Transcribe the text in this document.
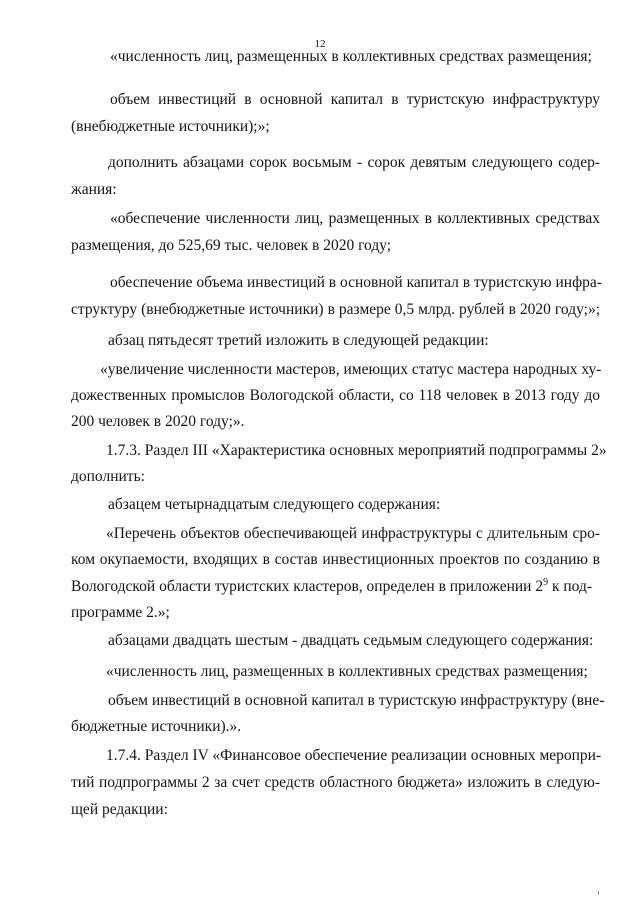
12
«численность лиц, размещенных в коллективных средствах размещения;
объем инвестиций в основной капитал в туристскую инфраструктуру
(внебюджетные источники);»;
дополнить абзацами сорок восьмым - сорок девятым следующего содер-
жания:
«обеспечение численности лиц, размещенных в коллективных средствах
размещения, до 525,69 тыс. человек в 2020 году;
обеспечение объема инвестиций в основной капитал в туристскую инфра-
структуру (внебюджетные источники) в размере 0,5 млрд. рублей в 2020 году;»;
абзац пятьдесят третий изложить в следующей редакции:
«увеличение численности мастеров, имеющих статус мастера народных ху-
дожественных промыслов Вологодской области, со 118 человек в 2013 году до
200 человек в 2020 году;».
1.7.3. Раздел III «Характеристика основных мероприятий подпрограммы 2»
дополнить:
абзацем четырнадцатым следующего содержания:
«Перечень объектов обеспечивающей инфраструктуры с длительным сро-
ком окупаемости, входящих в состав инвестиционных проектов по созданию в
Вологодской области туристских кластеров, определен в приложении $2^9$ к под-
программе 2.»;
абзацами двадцать шестым - двадцать седьмым следующего содержания:
«численность лиц, размещенных в коллективных средствах размещения;
объем инвестиций в основной капитал в туристскую инфраструктуру (вне-
бюджетные источники).».
1.7.4. Раздел IV «Финансовое обеспечение реализации основных меропри-
тий подпрограммы 2 за счет средств областного бюджета» изложить в следую-
щей редакции:
